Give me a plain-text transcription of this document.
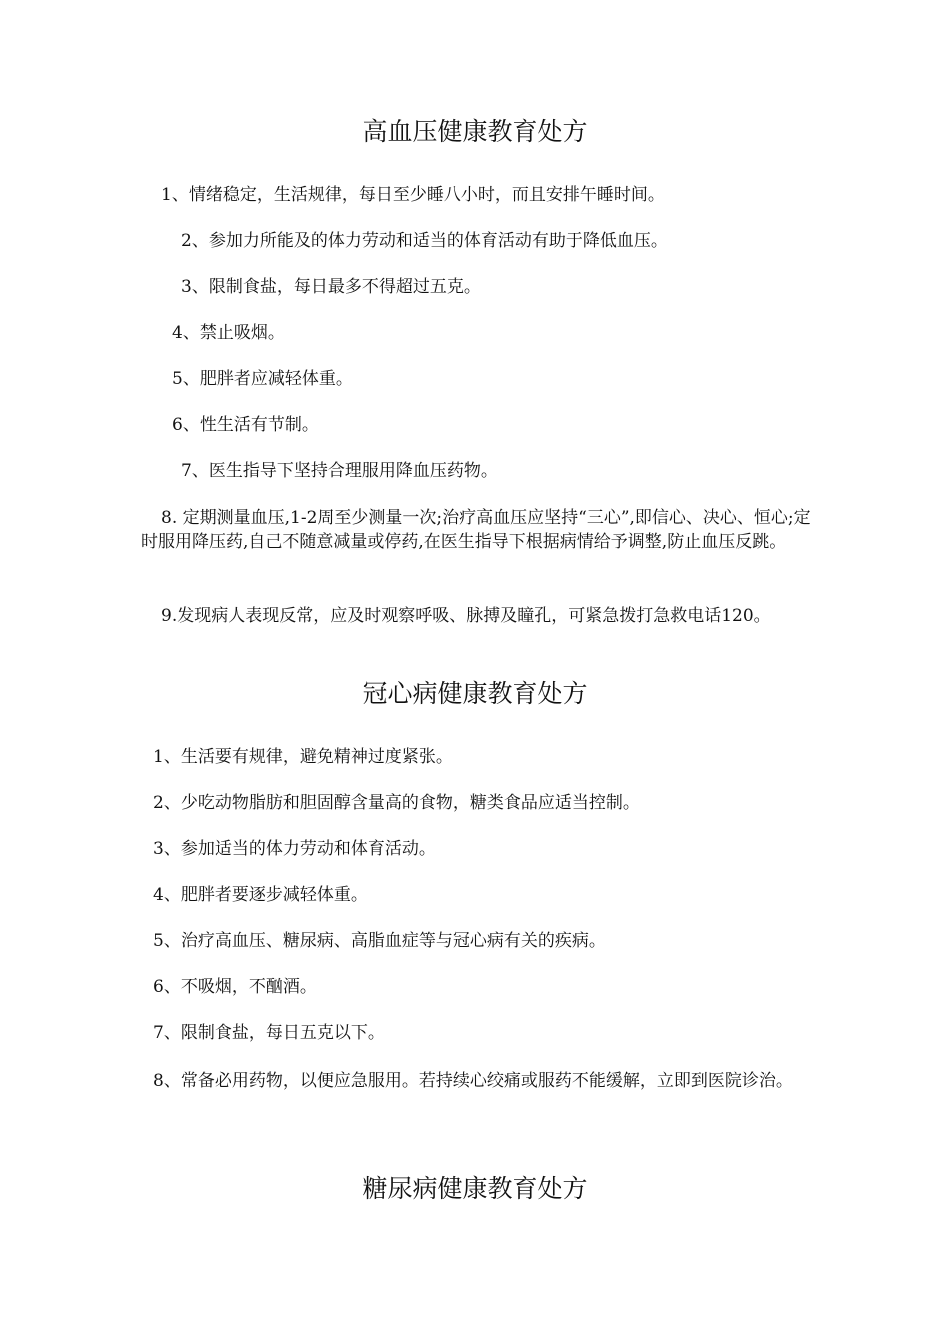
高血压健康教育处方
1、情绪稳定，生活规律，每日至少睡八小时，而且安排午睡时间。
2、参加力所能及的体力劳动和适当的体育活动有助于降低血压。
3、限制食盐，每日最多不得超过五克。
4、禁止吸烟。
5、肥胖者应减轻体重。
6、性生活有节制。
7、医生指导下坚持合理服用降血压药物。
8. 定期测量血压,1-2周至少测量一次;治疗高血压应坚持“三心”,即信心、决心、恒心;定时服用降压药,自己不随意减量或停药,在医生指导下根据病情给予调整,防止血压反跳。
9.发现病人表现反常，应及时观察呼吸、脉搏及瞳孔，可紧急拨打急救电话120。
冠心病健康教育处方
1、生活要有规律，避免精神过度紧张。
2、少吃动物脂肪和胆固醇含量高的食物，糖类食品应适当控制。
3、参加适当的体力劳动和体育活动。
4、肥胖者要逐步减轻体重。
5、治疗高血压、糖尿病、高脂血症等与冠心病有关的疾病。
6、不吸烟，不酗酒。
7、限制食盐，每日五克以下。
8、常备必用药物，以便应急服用。若持续心绞痛或服药不能缓解，立即到医院诊治。
糖尿病健康教育处方
